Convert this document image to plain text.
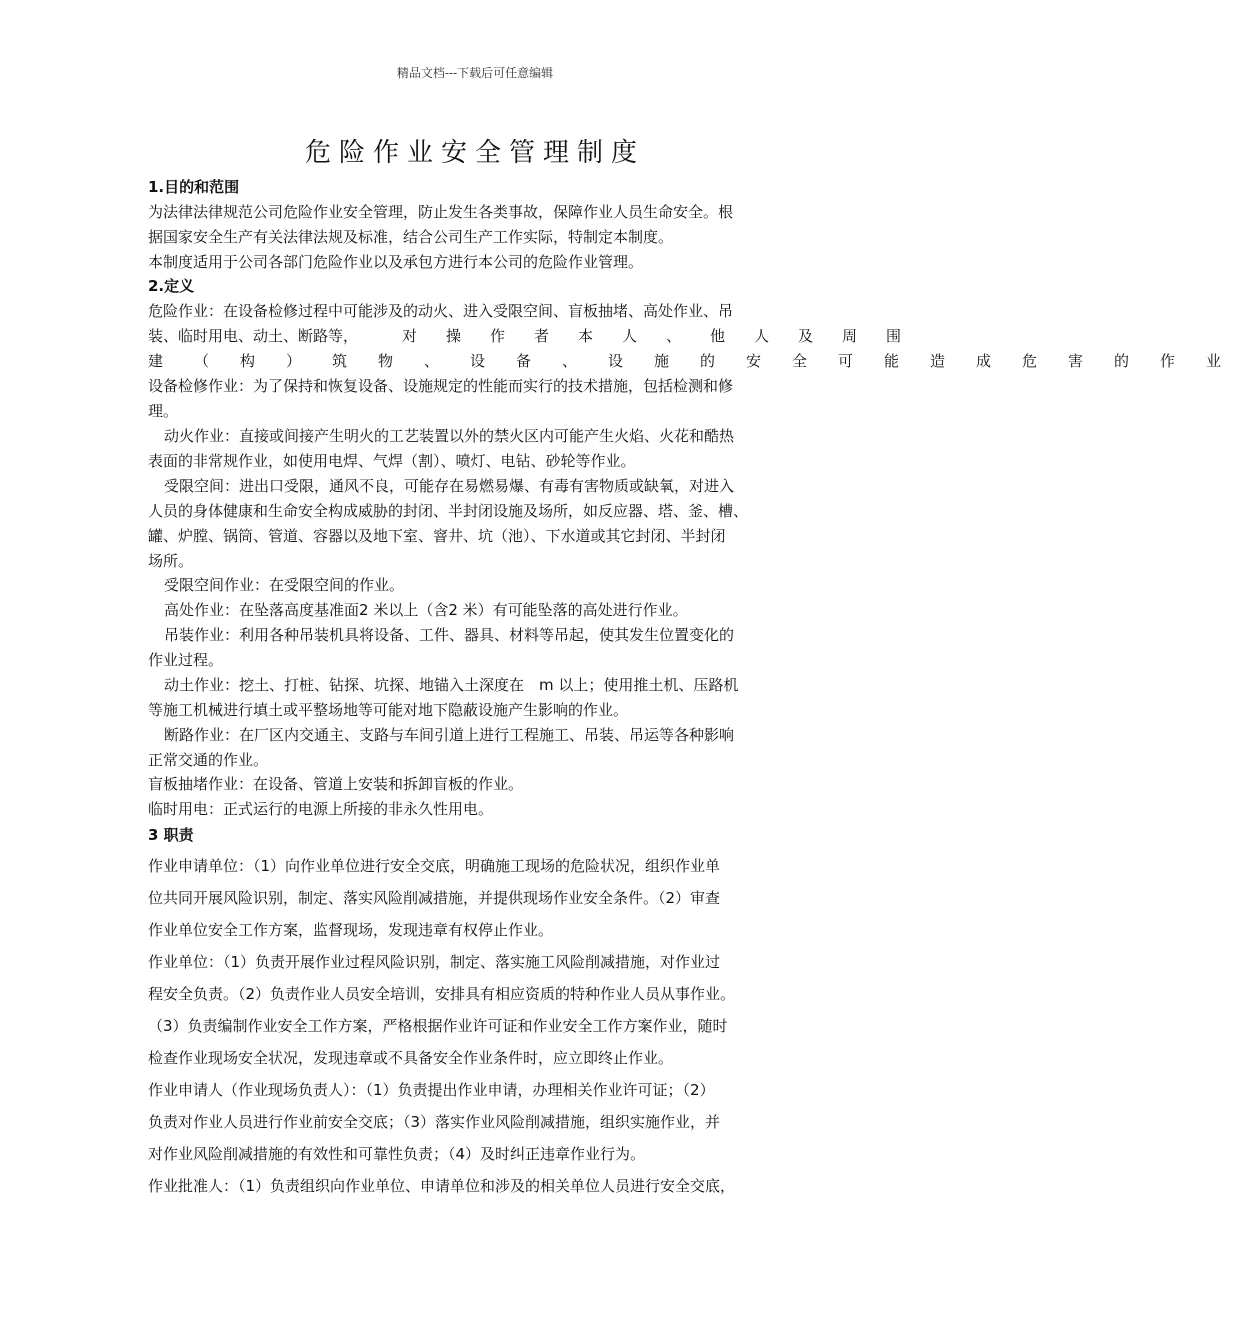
精品文档---下载后可任意编辑
危险作业安全管理制度
1.目的和范围
为法律法律规范公司危险作业安全管理，防止发生各类事故，保障作业人员生命安全。根
据国家安全生产有关法律法规及标准，结合公司生产工作实际，特制定本制度。
本制度适用于公司各部门危险作业以及承包方进行本公司的危险作业管理。
2.定义
危险作业：在设备检修过程中可能涉及的动火、进入受限空间、盲板抽堵、高处作业、吊
装、临时用电、动土、断路等，	对操作者本人、他人及周围
建（构）筑物、设备、设施的安全可能造成危害的作业
设备检修作业：为了保持和恢复设备、设施规定的性能而实行的技术措施，包括检测和修
理。
动火作业：直接或间接产生明火的工艺装置以外的禁火区内可能产生火焰、火花和酷热
表面的非常规作业，如使用电焊、气焊（割）、喷灯、电钻、砂轮等作业。
受限空间：进出口受限，通风不良，可能存在易燃易爆、有毒有害物质或缺氧，对进入
人员的身体健康和生命安全构成威胁的封闭、半封闭设施及场所，如反应器、塔、釜、槽、
罐、炉膛、锅筒、管道、容器以及地下室、窨井、坑（池）、下水道或其它封闭、半封闭
场所。
受限空间作业：在受限空间的作业。
高处作业：在坠落高度基准面2 米以上（含2 米）有可能坠落的高处进行作业。
吊装作业：利用各种吊装机具将设备、工件、器具、材料等吊起，使其发生位置变化的
作业过程。
动土作业：挖土、打桩、钻探、坑探、地锚入土深度在　m 以上；使用推土机、压路机
等施工机械进行填土或平整场地等可能对地下隐蔽设施产生影响的作业。
断路作业：在厂区内交通主、支路与车间引道上进行工程施工、吊装、吊运等各种影响
正常交通的作业。
盲板抽堵作业：在设备、管道上安装和拆卸盲板的作业。
临时用电：正式运行的电源上所接的非永久性用电。
3 职责
作业申请单位：（1）向作业单位进行安全交底，明确施工现场的危险状况，组织作业单
位共同开展风险识别，制定、落实风险削减措施，并提供现场作业安全条件。（2）审查
作业单位安全工作方案，监督现场，发现违章有权停止作业。
作业单位：（1）负责开展作业过程风险识别，制定、落实施工风险削减措施，对作业过
程安全负责。（2）负责作业人员安全培训，安排具有相应资质的特种作业人员从事作业。
（3）负责编制作业安全工作方案，严格根据作业许可证和作业安全工作方案作业，随时
检查作业现场安全状况，发现违章或不具备安全作业条件时，应立即终止作业。
作业申请人（作业现场负责人）：（1）负责提出作业申请，办理相关作业许可证；（2）
负责对作业人员进行作业前安全交底；（3）落实作业风险削减措施，组织实施作业，并
对作业风险削减措施的有效性和可靠性负责；（4）及时纠正违章作业行为。
作业批准人：（1）负责组织向作业单位、申请单位和涉及的相关单位人员进行安全交底，
